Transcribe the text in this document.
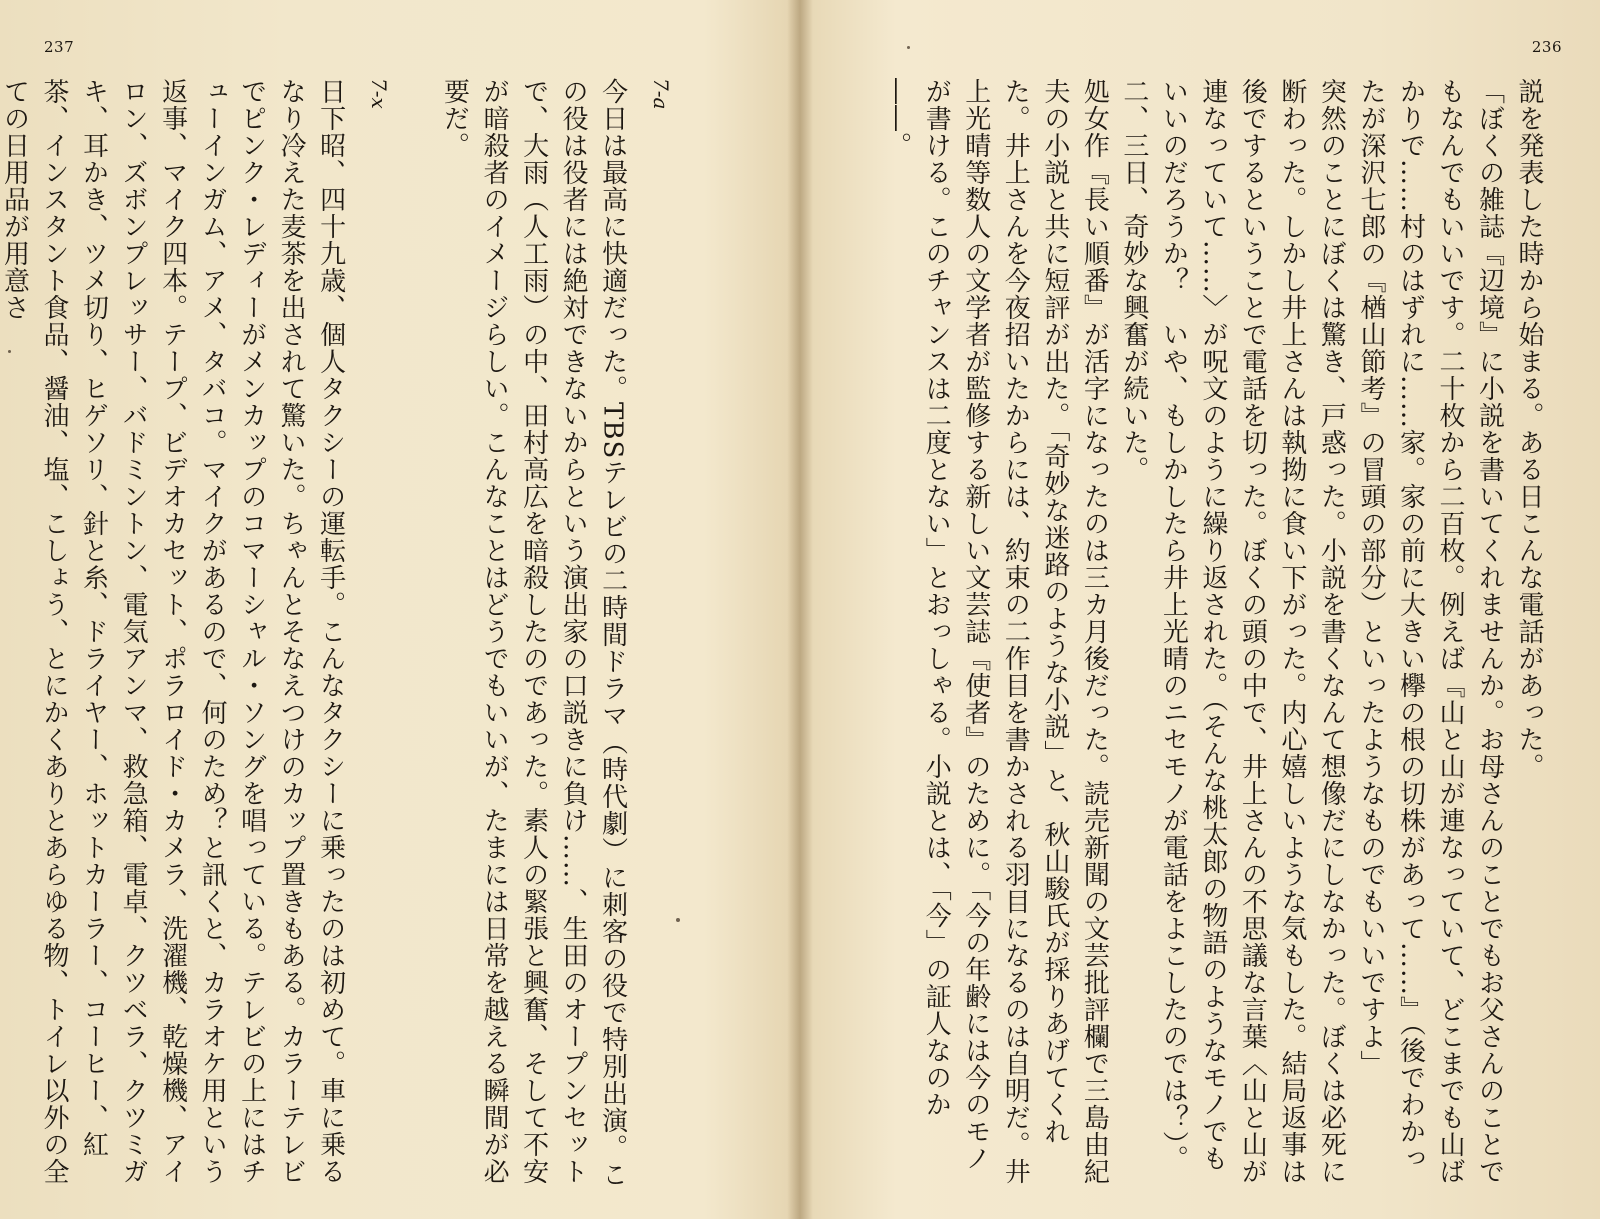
237

7-a

今日は最高に快適だった。TBSテレビの二時間ドラマ（時代劇）に刺客の役で特別出演。この役は役者には絶対できないからという演出家の口説きに負け……、生田のオープンセットで、大雨（人工雨）の中、田村高広を暗殺したのであった。素人の緊張と興奮、そして不安が暗殺者のイメージらしい。こんなことはどうでもいいが、たまには日常を越える瞬間が必要だ。

7-x

日下昭、四十九歳、個人タクシーの運転手。こんなタクシーに乗ったのは初めて。車に乗るなり冷えた麦茶を出されて驚いた。ちゃんとそなえつけのカップ置きもある。カラーテレビでピンク・レディーがメンカップのコマーシャル・ソングを唱っている。テレビの上にはチューインガム、アメ、タバコ。マイクがあるので、何のため？と訊くと、カラオケ用という返事、マイク四本。テープ、ビデオカセット、ポラロイド・カメラ、洗濯機、乾燥機、アイロン、ズボンプレッサー、バドミントン、電気アンマ、救急箱、電卓、クツベラ、クツミガキ、耳かき、ツメ切り、ヒゲソリ、針と糸、ドライヤー、ホットカーラー、コーヒー、紅茶、インスタント食品、醤油、塩、こしょう、とにかくありとあらゆる物、トイレ以外の全ての日用品が用意さ

236

説を発表した時から始まる。ある日こんな電話があった。

「ぼくの雑誌『辺境』に小説を書いてくれませんか。お母さんのことでもお父さんのことでもなんでもいいです。二十枚から二百枚。例えば『山と山が連なっていて、どこまでも山ばかりで……村のはずれに……家。家の前に大きい欅の根の切株があって……』（後でわかったが深沢七郎の『楢山節考』の冒頭の部分）といったようなものでもいいですよ」

突然のことにぼくは驚き、戸惑った。小説を書くなんて想像だにしなかった。ぼくは必死に断わった。しかし井上さんは執拗に食い下がった。内心嬉しいような気もした。結局返事は後でするということで電話を切った。ぼくの頭の中で、井上さんの不思議な言葉〈山と山が連なっていて……〉が呪文のように繰り返された。（そんな桃太郎の物語のようなモノでもいいのだろうか？　いや、もしかしたら井上光晴のニセモノが電話をよこしたのでは？）。二、三日、奇妙な興奮が続いた。

処女作『長い順番』が活字になったのは三カ月後だった。読売新聞の文芸批評欄で三島由紀夫の小説と共に短評が出た。「奇妙な迷路のような小説」と、秋山駿氏が採りあげてくれた。井上さんを今夜招いたからには、約束の二作目を書かされる羽目になるのは自明だ。井上光晴等数人の文学者が監修する新しい文芸誌『使者』のために。「今の年齢には今のモノが書ける。このチャンスは二度とない」とおっしゃる。小説とは、「今」の証人なのか――。
